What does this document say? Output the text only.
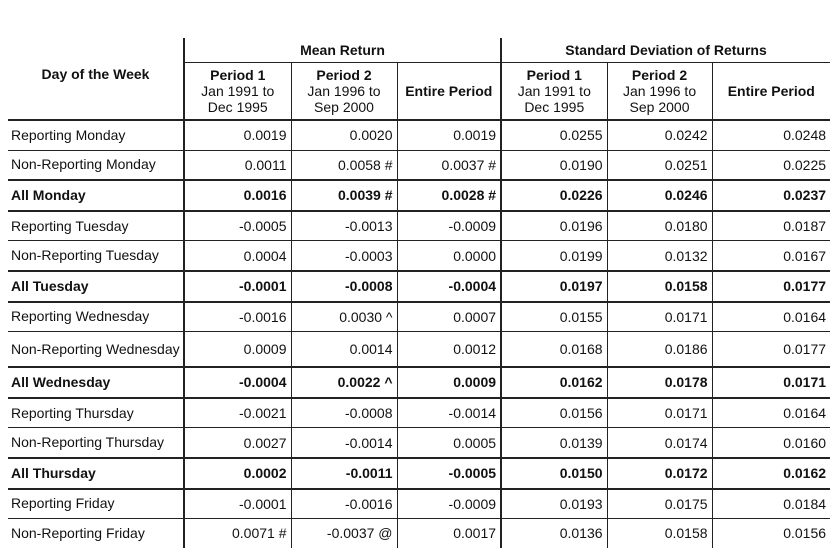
Day of the Week	Mean Return			Standard Deviation of Returns		
	Period 1
Jan 1991 to
Dec 1995	Period 2
Jan 1996 to
Sep 2000	Entire Period	Period 1
Jan 1991 to
Dec 1995	Period 2
Jan 1996 to
Sep 2000	Entire Period
Reporting Monday	0.0019	0.0020	0.0019	0.0255	0.0242	0.0248
Non-Reporting Monday	0.0011	0.0058 #	0.0037 #	0.0190	0.0251	0.0225
All Monday	0.0016	0.0039 #	0.0028 #	0.0226	0.0246	0.0237
Reporting Tuesday	-0.0005	-0.0013	-0.0009	0.0196	0.0180	0.0187
Non-Reporting Tuesday	0.0004	-0.0003	0.0000	0.0199	0.0132	0.0167
All Tuesday	-0.0001	-0.0008	-0.0004	0.0197	0.0158	0.0177
Reporting Wednesday	-0.0016	0.0030 ^	0.0007	0.0155	0.0171	0.0164
Non-Reporting Wednesday	0.0009	0.0014	0.0012	0.0168	0.0186	0.0177
All Wednesday	-0.0004	0.0022 ^	0.0009	0.0162	0.0178	0.0171
Reporting Thursday	-0.0021	-0.0008	-0.0014	0.0156	0.0171	0.0164
Non-Reporting Thursday	0.0027	-0.0014	0.0005	0.0139	0.0174	0.0160
All Thursday	0.0002	-0.0011	-0.0005	0.0150	0.0172	0.0162
Reporting Friday	-0.0001	-0.0016	-0.0009	0.0193	0.0175	0.0184
Non-Reporting Friday	0.0071 #	-0.0037 @	0.0017	0.0136	0.0158	0.0156
